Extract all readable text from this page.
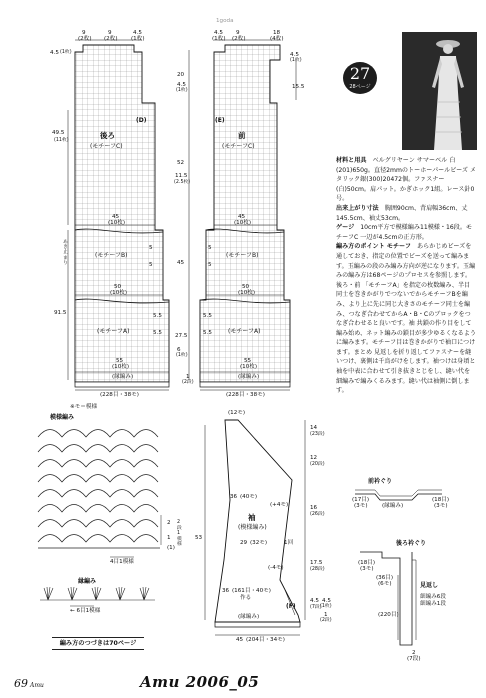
1goda
9
(2枚)
9
(2枚)
4.5
(1枚)
4.5 (1枚)
49.5
(11枚)
91.5
あき止まり
(D)
後ろ
(モチーフC)
45
(10枚)
(モチーフB)
5
5
50
(10枚)
5.5
5.5
(モチーフA)
55
(10枚)
(縁編み)
(228目・38モ)
4.5
(1枚)
9
(2枚)
18
(4枚)
4.5
(1枚)
15.5
20
4.5
(1枚)
52
11.5
(2.5枚)
45
27.5
6
(1枚)
1
(2段)
(E)
前
(モチーフC)
45
(10枚)
(モチーフB)
5
5
50
(10枚)
5.5
5.5	(モチーフA)
55
(10枚)
(縁編み)
(228目・38モ)
※モ＝模様
模様編み
2
1
(1)
2段1模様
4目1模様
縁編み
← 6目1模様
編み方のつづきは70ページ
(12モ)
14
(23段)
12
(20段)
16
(26段)
17.5
(28段)
4.5
(7段)
53
36 (40モ)
(+4モ)
袖
(模様編み)
29 (32モ)	1回
(-4モ)
36 (161目・40モ)
作る
(F)
(縁編み)
45 (204目・34モ)
1
(2段)
4.5
(1枚)
前衿ぐり
(17目)
(3モ)	(縁編み)
(18目)
(3モ)
後ろ衿ぐり
(18目)
(3モ)
(36目)
(6モ)	見返し
細編み6段
細編み1段
(220目)
2
(7段)
27
28ページ

材料と用具　 ベルグリヤーン サマーベル 白(201)650g。直径2mmのトーホーパールビーズ メタリック銀(300)20472個。ファスナー(白)50cm。肩パット。かぎホック1組。レース針0号。

出来上がり寸法　 胸囲90cm、背肩幅36cm、丈145.5cm、袖丈53cm。

ゲージ　 10cm平方で模様編み11模様・16段。モチーフC 一辺が4.5cmの正方形。

編み方のポイント モチーフ　 あらかじめビーズを通しておき、指定の位置でビーズを送って編みます。玉編みの段のみ編み方向が逆になります。玉編みの編み方は68ページのプロセスを参照します。後ろ・前 「モチーフA」を指定の枚数編み、半目同士を巻きかがりでつないでからモチーフBを編み、より上に先に同じ大きさのモチーフ同士を編み、つなぎ合わせてからA・B・Cのブロックをつなぎ合わせると良いです。袖 共鎖の作り目をして編み始め、ネット編みの鎖目が多少ゆるくなるように編みます。モチーフ目は巻きかがりで袖口につけます。まとめ 見返しを折り返してファスナーを縫いつけ、裏側は千鳥がけをします。袖つけは身頃と袖を中表に合わせて引き抜きとじをし、縫い代を細編みで編みくるみます。縫い代は袖側に倒します。

69 Amu	Amu 2006_05
